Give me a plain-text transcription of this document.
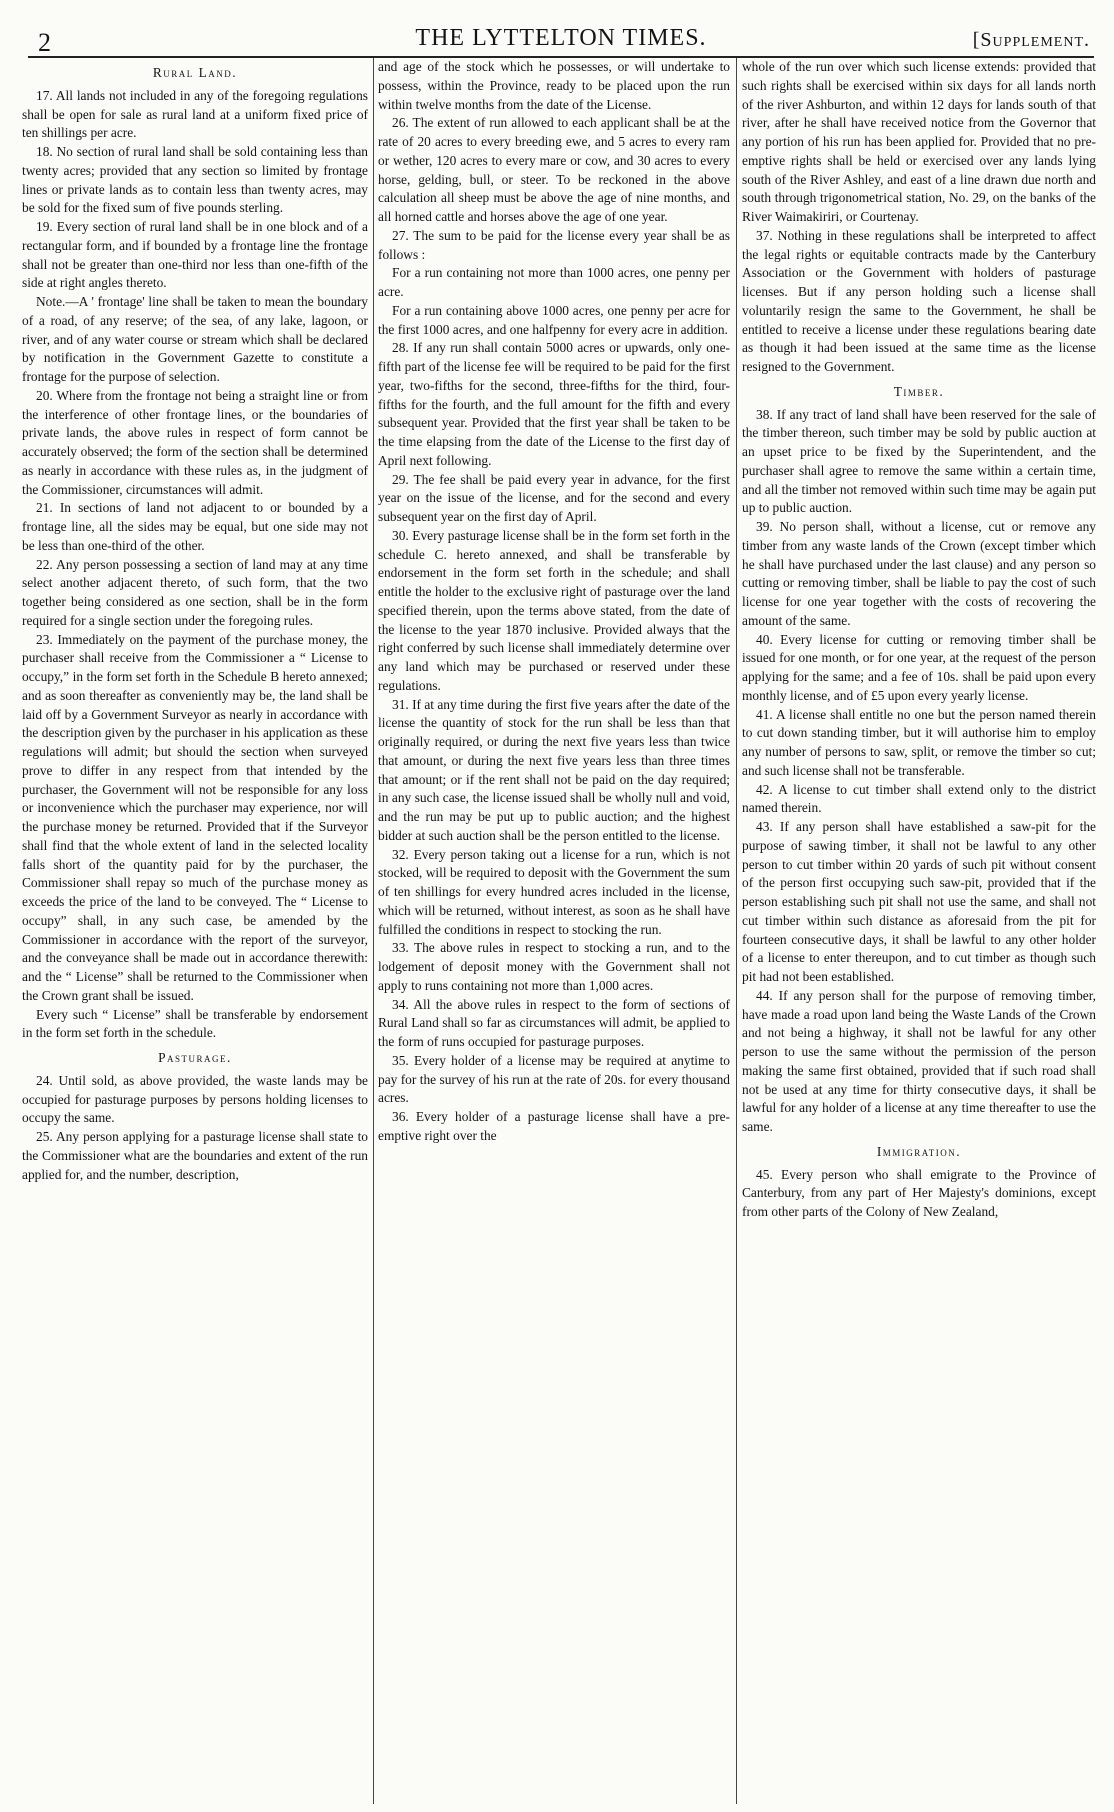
2	THE LYTTELTON TIMES.	[Supplement.
Rural Land.

17. All lands not included in any of the foregoing regulations shall be open for sale as rural land at a uniform fixed price of ten shillings per acre.

18. No section of rural land shall be sold containing less than twenty acres; provided that any section so limited by frontage lines or private lands as to contain less than twenty acres, may be sold for the fixed sum of five pounds sterling.

19. Every section of rural land shall be in one block and of a rectangular form, and if bounded by a frontage line the frontage shall not be greater than one-third nor less than one-fifth of the side at right angles thereto.

Note.—A ' frontage' line shall be taken to mean the boundary of a road, of any reserve; of the sea, of any lake, lagoon, or river, and of any water course or stream which shall be declared by notification in the Government Gazette to constitute a frontage for the purpose of selection.

20. Where from the frontage not being a straight line or from the interference of other frontage lines, or the boundaries of private lands, the above rules in respect of form cannot be accurately observed; the form of the section shall be determined as nearly in accordance with these rules as, in the judgment of the Commissioner, circumstances will admit.

21. In sections of land not adjacent to or bounded by a frontage line, all the sides may be equal, but one side may not be less than one-third of the other.

22. Any person possessing a section of land may at any time select another adjacent thereto, of such form, that the two together being considered as one section, shall be in the form required for a single section under the foregoing rules.

23. Immediately on the payment of the purchase money, the purchaser shall receive from the Commissioner a “ License to occupy,” in the form set forth in the Schedule B hereto annexed; and as soon thereafter as conveniently may be, the land shall be laid off by a Government Surveyor as nearly in accordance with the description given by the purchaser in his application as these regulations will admit; but should the section when surveyed prove to differ in any respect from that intended by the purchaser, the Government will not be responsible for any loss or inconvenience which the purchaser may experience, nor will the purchase money be returned. Provided that if the Surveyor shall find that the whole extent of land in the selected locality falls short of the quantity paid for by the purchaser, the Commissioner shall repay so much of the purchase money as exceeds the price of the land to be conveyed. The “ License to occupy” shall, in any such case, be amended by the Commissioner in accordance with the report of the surveyor, and the conveyance shall be made out in accordance therewith: and the “ License” shall be returned to the Commissioner when the Crown grant shall be issued.

Every such “ License” shall be transferable by endorsement in the form set forth in the schedule.

Pasturage.

24. Until sold, as above provided, the waste lands may be occupied for pasturage purposes by persons holding licenses to occupy the same.

25. Any person applying for a pasturage license shall state to the Commissioner what are the boundaries and extent of the run applied for, and the number, description,

and age of the stock which he possesses, or will undertake to possess, within the Province, ready to be placed upon the run within twelve months from the date of the License.

26. The extent of run allowed to each applicant shall be at the rate of 20 acres to every breeding ewe, and 5 acres to every ram or wether, 120 acres to every mare or cow, and 30 acres to every horse, gelding, bull, or steer. To be reckoned in the above calculation all sheep must be above the age of nine months, and all horned cattle and horses above the age of one year.

27. The sum to be paid for the license every year shall be as follows :

For a run containing not more than 1000 acres, one penny per acre.

For a run containing above 1000 acres, one penny per acre for the first 1000 acres, and one halfpenny for every acre in addition.

28. If any run shall contain 5000 acres or upwards, only one-fifth part of the license fee will be required to be paid for the first year, two-fifths for the second, three-fifths for the third, four-fifths for the fourth, and the full amount for the fifth and every subsequent year. Provided that the first year shall be taken to be the time elapsing from the date of the License to the first day of April next following.

29. The fee shall be paid every year in advance, for the first year on the issue of the license, and for the second and every subsequent year on the first day of April.

30. Every pasturage license shall be in the form set forth in the schedule C. hereto annexed, and shall be transferable by endorsement in the form set forth in the schedule; and shall entitle the holder to the exclusive right of pasturage over the land specified therein, upon the terms above stated, from the date of the license to the year 1870 inclusive. Provided always that the right conferred by such license shall immediately determine over any land which may be purchased or reserved under these regulations.

31. If at any time during the first five years after the date of the license the quantity of stock for the run shall be less than that originally required, or during the next five years less than twice that amount, or during the next five years less than three times that amount; or if the rent shall not be paid on the day required; in any such case, the license issued shall be wholly null and void, and the run may be put up to public auction; and the highest bidder at such auction shall be the person entitled to the license.

32. Every person taking out a license for a run, which is not stocked, will be required to deposit with the Government the sum of ten shillings for every hundred acres included in the license, which will be returned, without interest, as soon as he shall have fulfilled the conditions in respect to stocking the run.

33. The above rules in respect to stocking a run, and to the lodgement of deposit money with the Government shall not apply to runs containing not more than 1,000 acres.

34. All the above rules in respect to the form of sections of Rural Land shall so far as circumstances will admit, be applied to the form of runs occupied for pasturage purposes.

35. Every holder of a license may be required at anytime to pay for the survey of his run at the rate of 20s. for every thousand acres.

36. Every holder of a pasturage license shall have a pre-emptive right over the

whole of the run over which such license extends: provided that such rights shall be exercised within six days for all lands north of the river Ashburton, and within 12 days for lands south of that river, after he shall have received notice from the Governor that any portion of his run has been applied for. Provided that no pre-emptive rights shall be held or exercised over any lands lying south of the River Ashley, and east of a line drawn due north and south through trigonometrical station, No. 29, on the banks of the River Waimakiriri, or Courtenay.

37. Nothing in these regulations shall be interpreted to affect the legal rights or equitable contracts made by the Canterbury Association or the Government with holders of pasturage licenses. But if any person holding such a license shall voluntarily resign the same to the Government, he shall be entitled to receive a license under these regulations bearing date as though it had been issued at the same time as the license resigned to the Government.

Timber.

38. If any tract of land shall have been reserved for the sale of the timber thereon, such timber may be sold by public auction at an upset price to be fixed by the Superintendent, and the purchaser shall agree to remove the same within a certain time, and all the timber not removed within such time may be again put up to public auction.

39. No person shall, without a license, cut or remove any timber from any waste lands of the Crown (except timber which he shall have purchased under the last clause) and any person so cutting or removing timber, shall be liable to pay the cost of such license for one year together with the costs of recovering the amount of the same.

40. Every license for cutting or removing timber shall be issued for one month, or for one year, at the request of the person applying for the same; and a fee of 10s. shall be paid upon every monthly license, and of £5 upon every yearly license.

41. A license shall entitle no one but the person named therein to cut down standing timber, but it will authorise him to employ any number of persons to saw, split, or remove the timber so cut; and such license shall not be transferable.

42. A license to cut timber shall extend only to the district named therein.

43. If any person shall have established a saw-pit for the purpose of sawing timber, it shall not be lawful to any other person to cut timber within 20 yards of such pit without consent of the person first occupying such saw-pit, provided that if the person establishing such pit shall not use the same, and shall not cut timber within such distance as aforesaid from the pit for fourteen consecutive days, it shall be lawful to any other holder of a license to enter thereupon, and to cut timber as though such pit had not been established.

44. If any person shall for the purpose of removing timber, have made a road upon land being the Waste Lands of the Crown and not being a highway, it shall not be lawful for any other person to use the same without the permission of the person making the same first obtained, provided that if such road shall not be used at any time for thirty consecutive days, it shall be lawful for any holder of a license at any time thereafter to use the same.

Immigration.

45. Every person who shall emigrate to the Province of Canterbury, from any part of Her Majesty's dominions, except from other parts of the Colony of New Zealand,
